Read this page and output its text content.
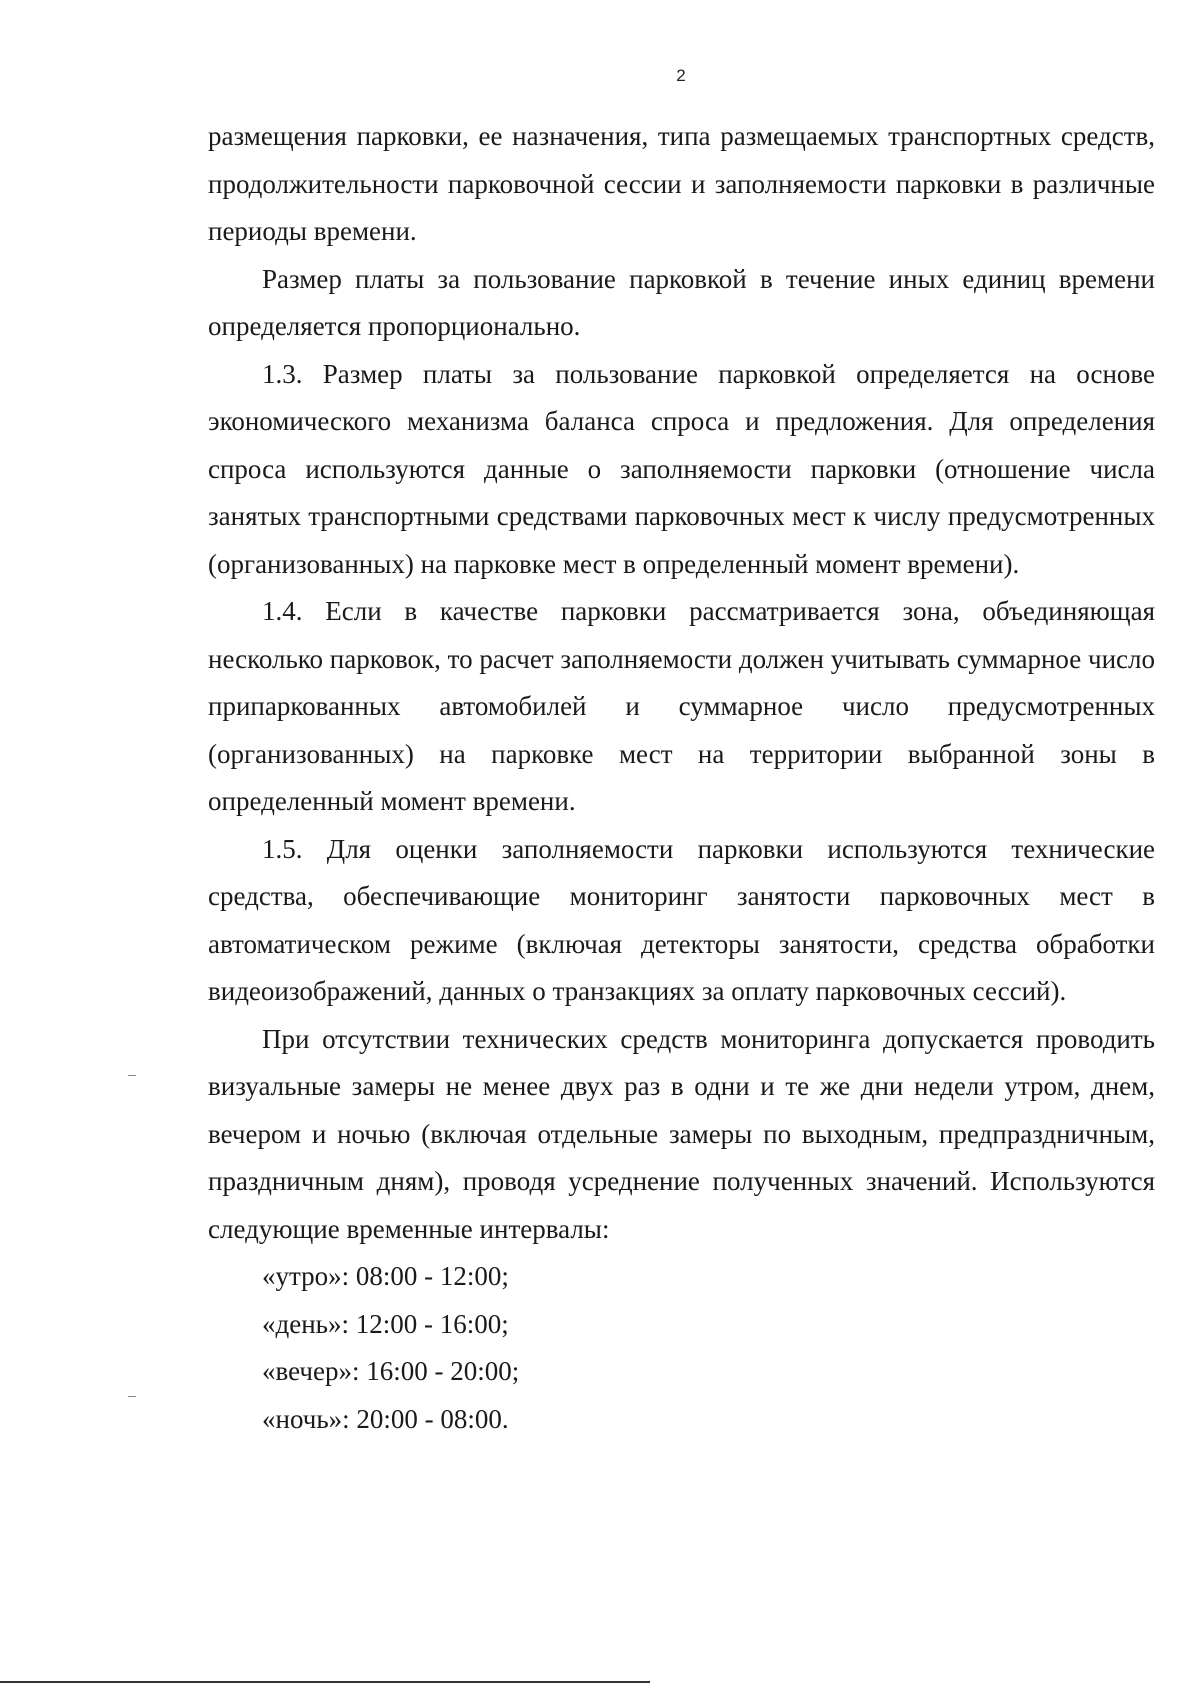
2

размещения парковки, ее назначения, типа размещаемых транспортных средств, продолжительности парковочной сессии и заполняемости парковки в различные периоды времени.

Размер платы за пользование парковкой в течение иных единиц времени определяется пропорционально.

1.3. Размер платы за пользование парковкой определяется на основе экономического механизма баланса спроса и предложения. Для определения спроса используются данные о заполняемости парковки (отношение числа занятых транспортными средствами парковочных мест к числу предусмотренных (организованных) на парковке мест в определенный момент времени).

1.4. Если в качестве парковки рассматривается зона, объединяющая несколько парковок, то расчет заполняемости должен учитывать суммарное число припаркованных автомобилей и суммарное число предусмотренных (организованных) на парковке мест на территории выбранной зоны в определенный момент времени.

1.5. Для оценки заполняемости парковки используются технические средства, обеспечивающие мониторинг занятости парковочных мест в автоматическом режиме (включая детекторы занятости, средства обработки видеоизображений, данных о транзакциях за оплату парковочных сессий).

При отсутствии технических средств мониторинга допускается проводить визуальные замеры не менее двух раз в одни и те же дни недели утром, днем, вечером и ночью (включая отдельные замеры по выходным, предпраздничным, праздничным дням), проводя усреднение полученных значений. Используются следующие временные интервалы:

«утро»: 08:00 - 12:00;
«день»: 12:00 - 16:00;
«вечер»: 16:00 - 20:00;
«ночь»: 20:00 - 08:00.
